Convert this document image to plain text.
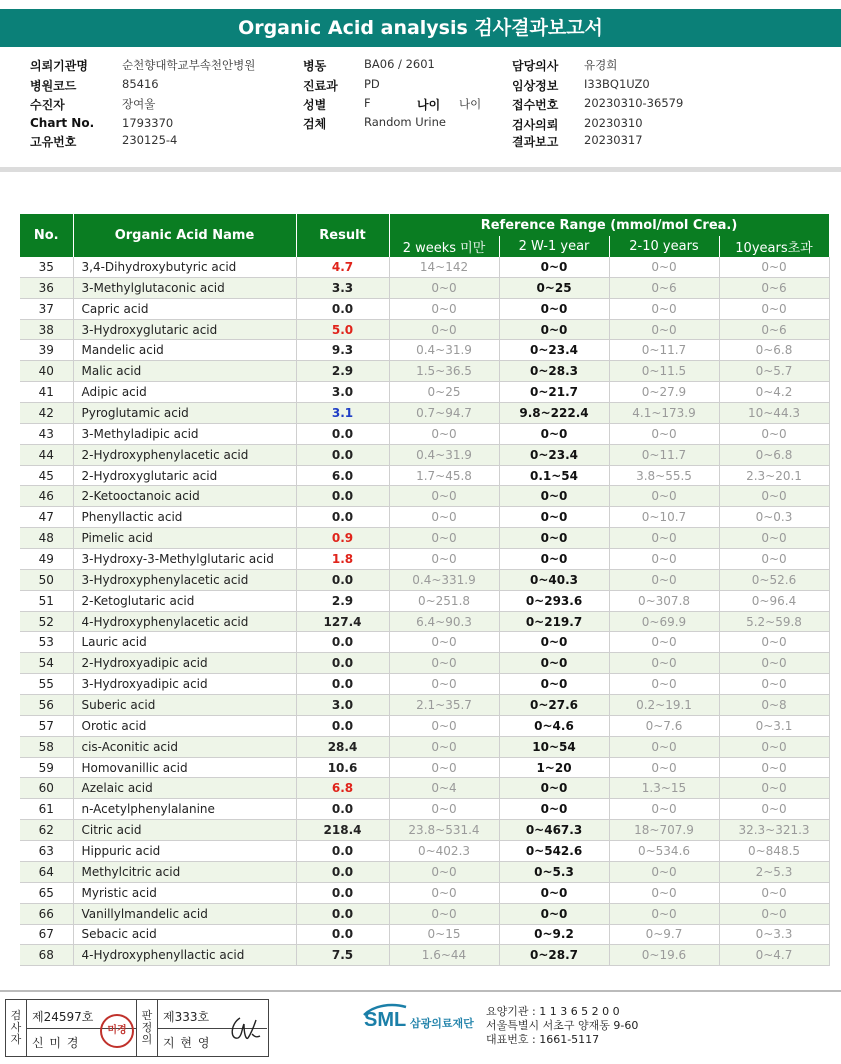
Organic Acid analysis 검사결과보고서
의뢰기관명	순천향대학교부속천안병원
병원코드	85416
수진자	장여울
Chart No. 1793370
고유번호	230125-4
병동	BA06 / 2601
진료과 PD
성별	F	나이 나이
검체	Random Urine
담당의사 유경희
임상정보 I33BQ1UZ0
접수번호 20230310-36579
검사의뢰 20230310
결과보고 20230317
No.	Organic Acid Name	Result	Reference Range (mmol/mol Crea.)			
			2 weeks 미만	2 W-1 year	2-10 years	10years초과
35	3,4-Dihydroxybutyric acid	4.7	14~142	0~0	0~0	0~0
36	3-Methylglutaconic acid	3.3	0~0	0~25	0~6	0~6
37	Capric acid	0.0	0~0	0~0	0~0	0~0
38	3-Hydroxyglutaric acid	5.0	0~0	0~0	0~0	0~6
39	Mandelic acid	9.3	0.4~31.9	0~23.4	0~11.7	0~6.8
40	Malic acid	2.9	1.5~36.5	0~28.3	0~11.5	0~5.7
41	Adipic acid	3.0	0~25	0~21.7	0~27.9	0~4.2
42	Pyroglutamic acid	3.1	0.7~94.7	9.8~222.4	4.1~173.9	10~44.3
43	3-Methyladipic acid	0.0	0~0	0~0	0~0	0~0
44	2-Hydroxyphenylacetic acid	0.0	0.4~31.9	0~23.4	0~11.7	0~6.8
45	2-Hydroxyglutaric acid	6.0	1.7~45.8	0.1~54	3.8~55.5	2.3~20.1
46	2-Ketooctanoic acid	0.0	0~0	0~0	0~0	0~0
47	Phenyllactic acid	0.0	0~0	0~0	0~10.7	0~0.3
48	Pimelic acid	0.9	0~0	0~0	0~0	0~0
49	3-Hydroxy-3-Methylglutaric acid	1.8	0~0	0~0	0~0	0~0
50	3-Hydroxyphenylacetic acid	0.0	0.4~331.9	0~40.3	0~0	0~52.6
51	2-Ketoglutaric acid	2.9	0~251.8	0~293.6	0~307.8	0~96.4
52	4-Hydroxyphenylacetic acid	127.4	6.4~90.3	0~219.7	0~69.9	5.2~59.8
53	Lauric acid	0.0	0~0	0~0	0~0	0~0
54	2-Hydroxyadipic acid	0.0	0~0	0~0	0~0	0~0
55	3-Hydroxyadipic acid	0.0	0~0	0~0	0~0	0~0
56	Suberic acid	3.0	2.1~35.7	0~27.6	0.2~19.1	0~8
57	Orotic acid	0.0	0~0	0~4.6	0~7.6	0~3.1
58	cis-Aconitic acid	28.4	0~0	10~54	0~0	0~0
59	Homovanillic acid	10.6	0~0	1~20	0~0	0~0
60	Azelaic acid	6.8	0~4	0~0	1.3~15	0~0
61	n-Acetylphenylalanine	0.0	0~0	0~0	0~0	0~0
62	Citric acid	218.4	23.8~531.4	0~467.3	18~707.9	32.3~321.3
63	Hippuric acid	0.0	0~402.3	0~542.6	0~534.6	0~848.5
64	Methylcitric acid	0.0	0~0	0~5.3	0~0	2~5.3
65	Myristic acid	0.0	0~0	0~0	0~0	0~0
66	Vanillylmandelic acid	0.0	0~0	0~0	0~0	0~0
67	Sebacic acid	0.0	0~15	0~9.2	0~9.7	0~3.3
68	4-Hydroxyphenyllactic acid	7.5	1.6~44	0~28.7	0~19.6	0~4.7
검사자
제24597호
신 미 경
미경
판정의
제333호
지 현 영
SML 삼광의료재단
요양기관 : 1 1 3 6 5 2 0 0
서울특별시 서초구 양재동 9-60
대표번호 : 1661-5117
